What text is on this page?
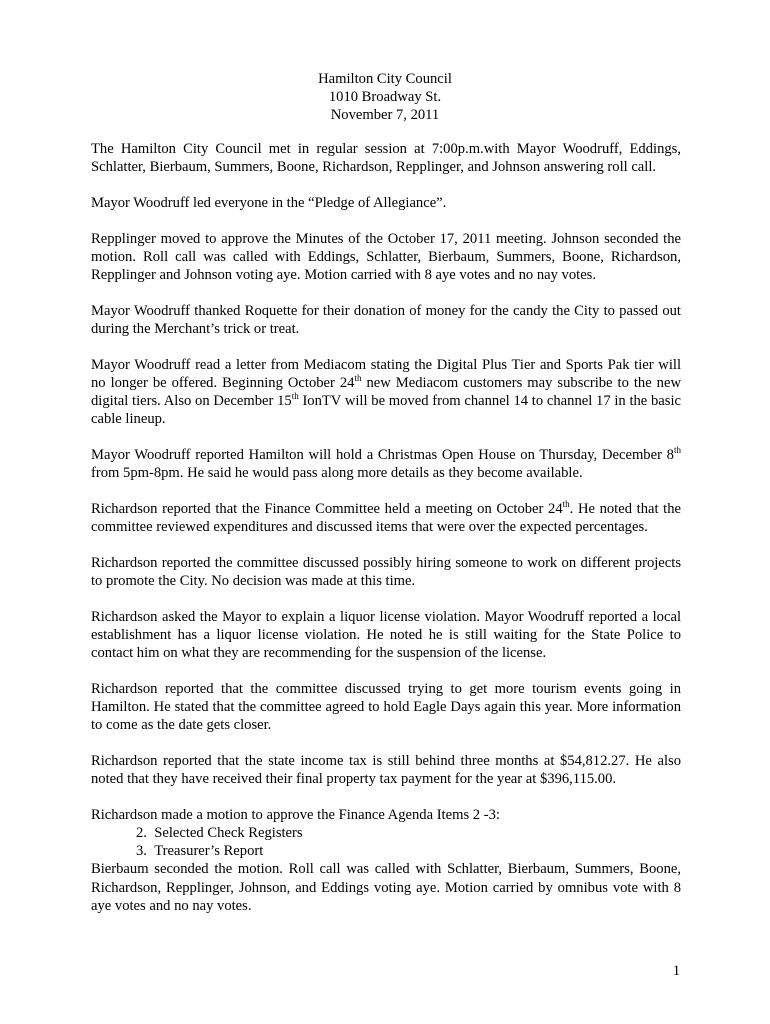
Hamilton City Council
1010 Broadway St.
November 7, 2011

The Hamilton City Council met in regular session at 7:00p.m.with Mayor Woodruff, Eddings, Schlatter, Bierbaum, Summers, Boone, Richardson, Repplinger, and Johnson answering roll call.

Mayor Woodruff led everyone in the “Pledge of Allegiance”.

Repplinger moved to approve the Minutes of the October 17, 2011 meeting. Johnson seconded the motion. Roll call was called with Eddings, Schlatter, Bierbaum, Summers, Boone, Richardson, Repplinger and Johnson voting aye. Motion carried with 8 aye votes and no nay votes.

Mayor Woodruff thanked Roquette for their donation of money for the candy the City to passed out during the Merchant’s trick or treat.

Mayor Woodruff read a letter from Mediacom stating the Digital Plus Tier and Sports Pak tier will no longer be offered. Beginning October 24th new Mediacom customers may subscribe to the new digital tiers. Also on December 15th IonTV will be moved from channel 14 to channel 17 in the basic cable lineup.

Mayor Woodruff reported Hamilton will hold a Christmas Open House on Thursday, December 8th from 5pm-8pm. He said he would pass along more details as they become available.

Richardson reported that the Finance Committee held a meeting on October 24th. He noted that the committee reviewed expenditures and discussed items that were over the expected percentages.

Richardson reported the committee discussed possibly hiring someone to work on different projects to promote the City. No decision was made at this time.

Richardson asked the Mayor to explain a liquor license violation. Mayor Woodruff reported a local establishment has a liquor license violation. He noted he is still waiting for the State Police to contact him on what they are recommending for the suspension of the license.

Richardson reported that the committee discussed trying to get more tourism events going in Hamilton. He stated that the committee agreed to hold Eagle Days again this year. More information to come as the date gets closer.

Richardson reported that the state income tax is still behind three months at $54,812.27. He also noted that they have received their final property tax payment for the year at $396,115.00.

Richardson made a motion to approve the Finance Agenda Items 2 -3:

2. Selected Check Registers
3. Treasurer’s Report

Bierbaum seconded the motion. Roll call was called with Schlatter, Bierbaum, Summers, Boone, Richardson, Repplinger, Johnson, and Eddings voting aye. Motion carried by omnibus vote with 8 aye votes and no nay votes.

1
